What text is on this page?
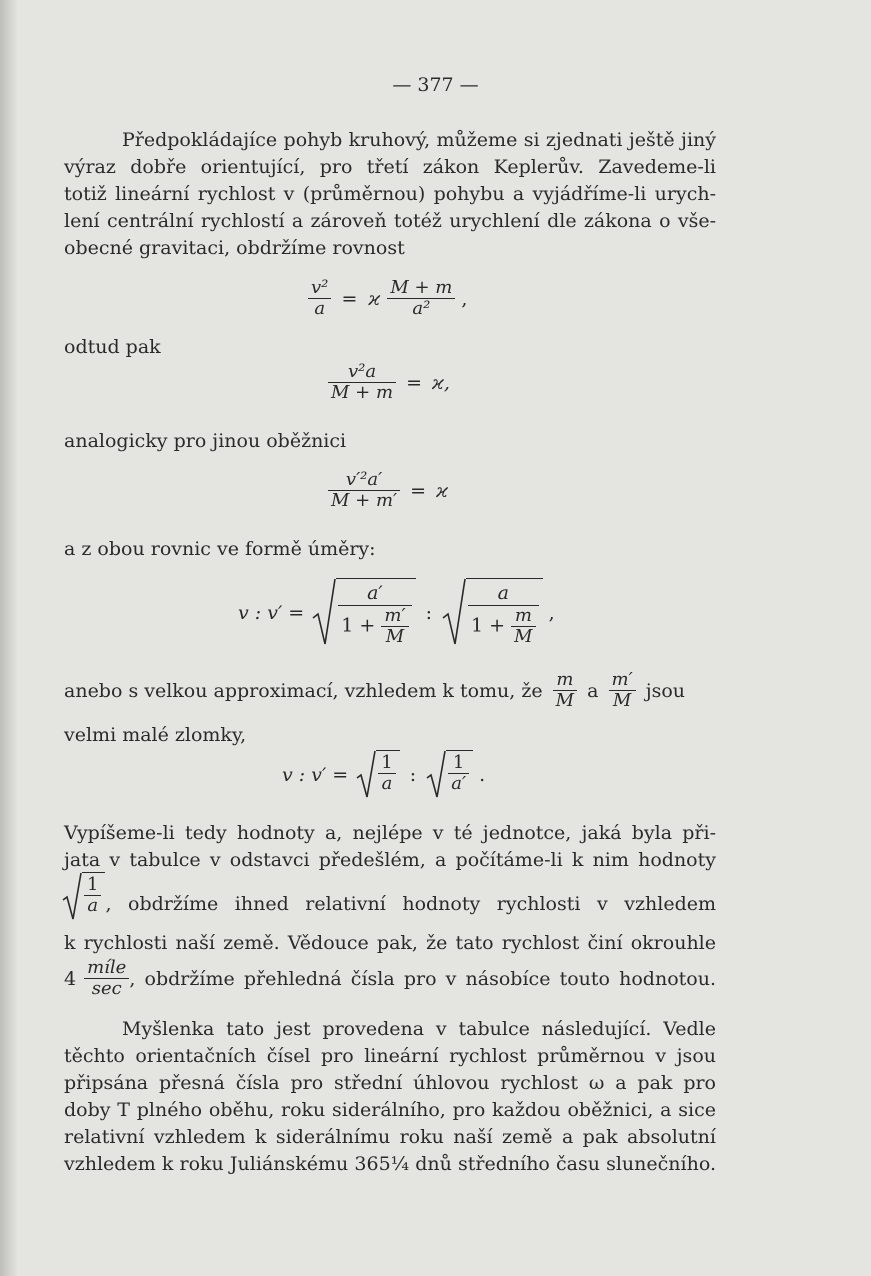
— 377 —
Předpokládajíce pohyb kruhový, můžeme si zjednati ještě jiný
výraz dobře orientující, pro třetí zákon Keplerův. Zavedeme-li
totiž lineární rychlost v (průměrnou) pohybu a vyjádříme-li urych-
lení centrální rychlostí a zároveň totéž urychlení dle zákona o vše-
obecné gravitaci, obdržíme rovnost
$\frac{\text{v²}}{a} = ϰ \frac{M + m}{\text{a²}}$ ,
odtud pak
$\frac{\text{v²a}}{M + m} = ϰ$,
analogicky pro jinou oběžnici
$\frac{\text{v′²a′}}{M + m'} = ϰ$
a z obou rovnic ve formě úměry:
v : $v' = \frac{a'}{1 + \frac{m'}{M}}$ : $\frac{a}{1 + \frac{m}{M}}$ ,
anebo s velkou approximací, vzhledem k tomu, že $\frac{m}{M}$ a $\frac{m'}{M}$ jsou
velmi malé zlomky,
v : $v' = \frac{1}{a}$ : $\frac{1}{a'}$ .
Vypíšeme-li tedy hodnoty a, nejlépe v té jednotce, jaká byla při-
jata v tabulce v odstavci předešlém, a počítáme-li k nim hodnoty
$\frac{1}{a}$ , obdržíme ihned relativní hodnoty rychlosti v vzhledem
k rychlosti naší země. Vědouce pak, že tato rychlost činí okrouhle
$4 \frac{\text{míle}}{\sec}$ , obdržíme přehledná čísla pro v násobíce touto hodnotou.
Myšlenka tato jest provedena v tabulce následující. Vedle
těchto orientačních čísel pro lineární rychlost průměrnou v jsou
připsána přesná čísla pro střední úhlovou rychlost ω a pak pro
doby T plného oběhu, roku siderálního, pro každou oběžnici, a sice
relativní vzhledem k siderálnímu roku naší země a pak absolutní
vzhledem k roku Juliánskému 365¼ dnů středního času slunečního.
